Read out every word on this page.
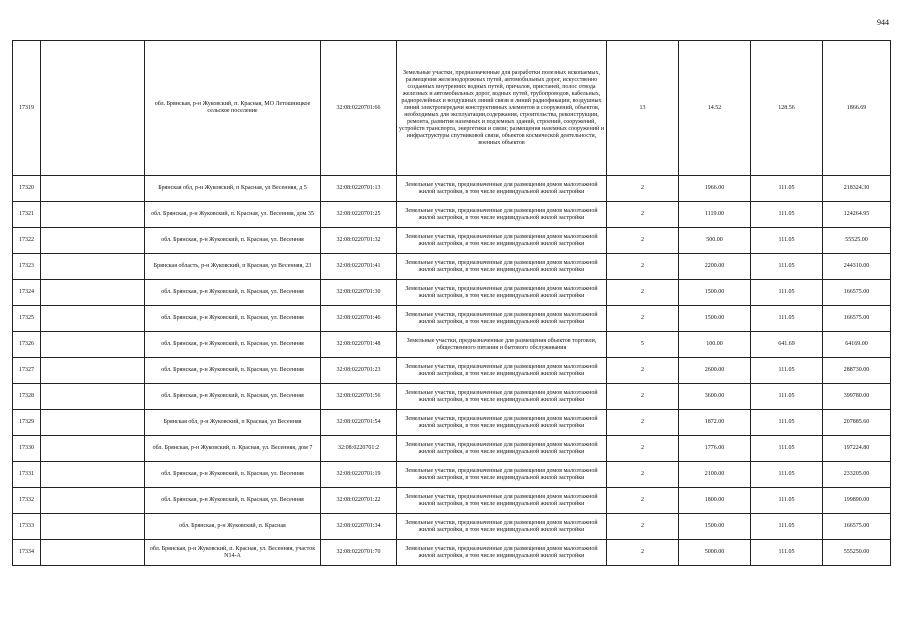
944
17319		обл. Брянская, р-н Жуковский, п. Красная, МО Летошницкое сельское поселение	32:08:0220701:66	Земельные участки, предназначенные для разработки полезных ископаемых, размещения железнодорожных путей, автомобильных дорог, искусственно созданных внутренних водных путей, причалов, пристаней, полос отвода железных и автомобильных дорог, водных путей, трубопроводов, кабельных, радиорелейных и воздушных линий связи и линий радиофикации, воздушных линий электропередачи конструктивных элементов и сооружений, объектов, необходимых для эксплуатации,содержания, строительства, реконструкции, ремонта, развития наземных и подземных зданий, строений, сооружений, устройств транспорта, энергетики и связи; размещения наземных сооружений и инфраструктуры спутниковой связи, объектов космической деятельности, военных объектов	13	14.52	128.56	1866.69
17320		Брянская обл, р-н Жуковский, п Красная, ул Весенняя, д 5	32:08:0220701:13	Земельные участки, предназначенные для размещения домов малоэтажной жилой застройки, в том числе индивидуальной жилой застройки	2	1966.00	111.05	218324.30
17321		обл. Брянская, р-н Жуковский, п. Красная, ул. Весенняя, дом 35	32:08:0220701:25	Земельные участки, предназначенные для размещения домов малоэтажной жилой застройки, в том числе индивидуальной жилой застройки	2	1119.00	111.05	124264.95
17322		обл. Брянская, р-н Жуковский, п. Красная, ул. Весенняя	32:08:0220701:32	Земельные участки, предназначенные для размещения домов малоэтажной жилой застройки, в том числе индивидуальной жилой застройки	2	500.00	111.05	55525.00
17323		Брянская область, р-н Жуковский, п Красная, ул Весенняя, 23	32:08:0220701:41	Земельные участки, предназначенные для размещения домов малоэтажной жилой застройки, в том числе индивидуальной жилой застройки	2	2200.00	111.05	244310.00
17324		обл. Брянская, р-н Жуковский, п. Красная, ул. Весенняя	32:08:0220701:30	Земельные участки, предназначенные для размещения домов малоэтажной жилой застройки, в том числе индивидуальной жилой застройки	2	1500.00	111.05	166575.00
17325		обл. Брянская, р-н Жуковский, п. Красная, ул. Весенняя	32:08:0220701:46	Земельные участки, предназначенные для размещения домов малоэтажной жилой застройки, в том числе индивидуальной жилой застройки	2	1500.00	111.05	166575.00
17326		обл. Брянская, р-н Жуковский, п. Красная, ул. Весенняя	32:08:0220701:48	Земельные участки, предназначенные для размещения объектов торговли, общественного питания и бытового обслуживания	5	100.00	641.69	64169.00
17327		обл. Брянская, р-н Жуковский, п. Красная, ул. Весенняя	32:08:0220701:23	Земельные участки, предназначенные для размещения домов малоэтажной жилой застройки, в том числе индивидуальной жилой застройки	2	2600.00	111.05	288730.00
17328		обл. Брянская, р-н Жуковский, п. Красная, ул. Весенняя	32:08:0220701:56	Земельные участки, предназначенные для размещения домов малоэтажной жилой застройки, в том числе индивидуальной жилой застройки	2	3600.00	111.05	399780.00
17329		Брянская обл, р-н Жуковский, п Красная, ул Весенняя	32:08:0220701:54	Земельные участки, предназначенные для размещения домов малоэтажной жилой застройки, в том числе индивидуальной жилой застройки	2	1872.00	111.05	207885.60
17330		обл. Брянская, р-н Жуковский, п. Красная, ул. Весенняя, дом 7	32:08:0220701:2	Земельные участки, предназначенные для размещения домов малоэтажной жилой застройки, в том числе индивидуальной жилой застройки	2	1776.00	111.05	197224.80
17331		обл. Брянская, р-н Жуковский, п. Красная, ул. Весенняя	32:08:0220701:19	Земельные участки, предназначенные для размещения домов малоэтажной жилой застройки, в том числе индивидуальной жилой застройки	2	2100.00	111.05	233205.00
17332		обл. Брянская, р-н Жуковский, п. Красная, ул. Весенняя	32:08:0220701:22	Земельные участки, предназначенные для размещения домов малоэтажной жилой застройки, в том числе индивидуальной жилой застройки	2	1800.00	111.05	199890.00
17333		обл. Брянская, р-н Жуковский, п. Красная	32:08:0220701:34	Земельные участки, предназначенные для размещения домов малоэтажной жилой застройки, в том числе индивидуальной жилой застройки	2	1500.00	111.05	166575.00
17334		обл. Брянская, р-н Жуковский, п. Красная, ул. Весенняя, участок N14-А	32:08:0220701:70	Земельные участки, предназначенные для размещения домов малоэтажной жилой застройки, в том числе индивидуальной жилой застройки	2	5000.00	111.05	555250.00
